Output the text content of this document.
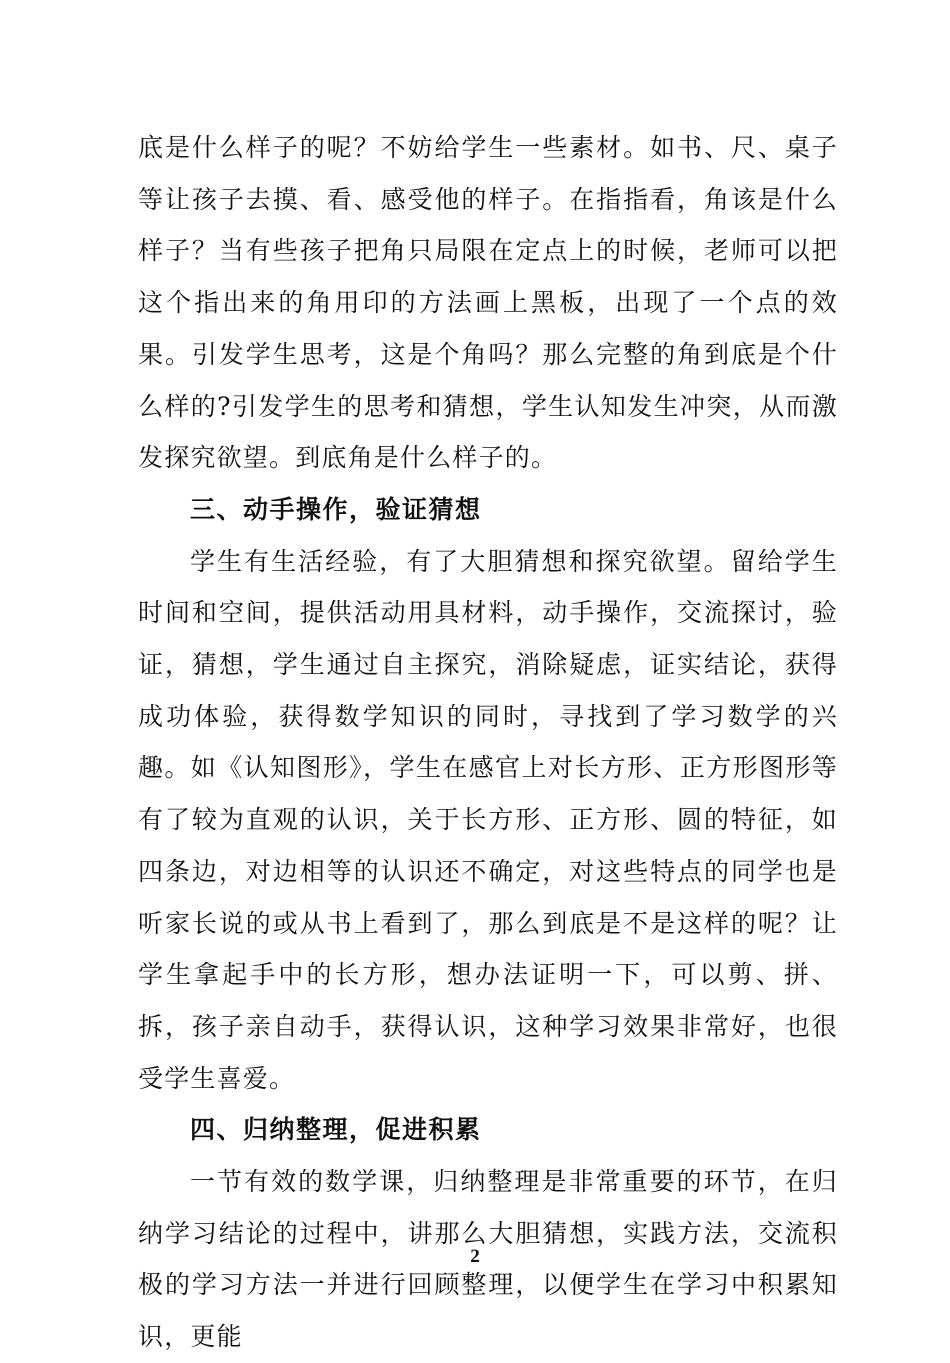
底是什么样子的呢？不妨给学生一些素材。如书、尺、桌子等让孩子去摸、看、感受他的样子。在指指看，角该是什么样子？当有些孩子把角只局限在定点上的时候，老师可以把这个指出来的角用印的方法画上黑板，出现了一个点的效果。引发学生思考，这是个角吗？那么完整的角到底是个什么样的?引发学生的思考和猜想，学生认知发生冲突，从而激发探究欲望。到底角是什么样子的。

三、动手操作，验证猜想

学生有生活经验，有了大胆猜想和探究欲望。留给学生时间和空间，提供活动用具材料，动手操作，交流探讨，验证，猜想，学生通过自主探究，消除疑虑，证实结论，获得成功体验，获得数学知识的同时，寻找到了学习数学的兴趣。如《认知图形》，学生在感官上对长方形、正方形图形等有了较为直观的认识，关于长方形、正方形、圆的特征，如四条边，对边相等的认识还不确定，对这些特点的同学也是听家长说的或从书上看到了，那么到底是不是这样的呢？让学生拿起手中的长方形，想办法证明一下，可以剪、拼、拆，孩子亲自动手，获得认识，这种学习效果非常好，也很受学生喜爱。

四、归纳整理，促进积累

一节有效的数学课，归纳整理是非常重要的环节，在归纳学习结论的过程中，讲那么大胆猜想，实践方法，交流积极的学习方法一并进行回顾整理，以便学生在学习中积累知识，更能

2
